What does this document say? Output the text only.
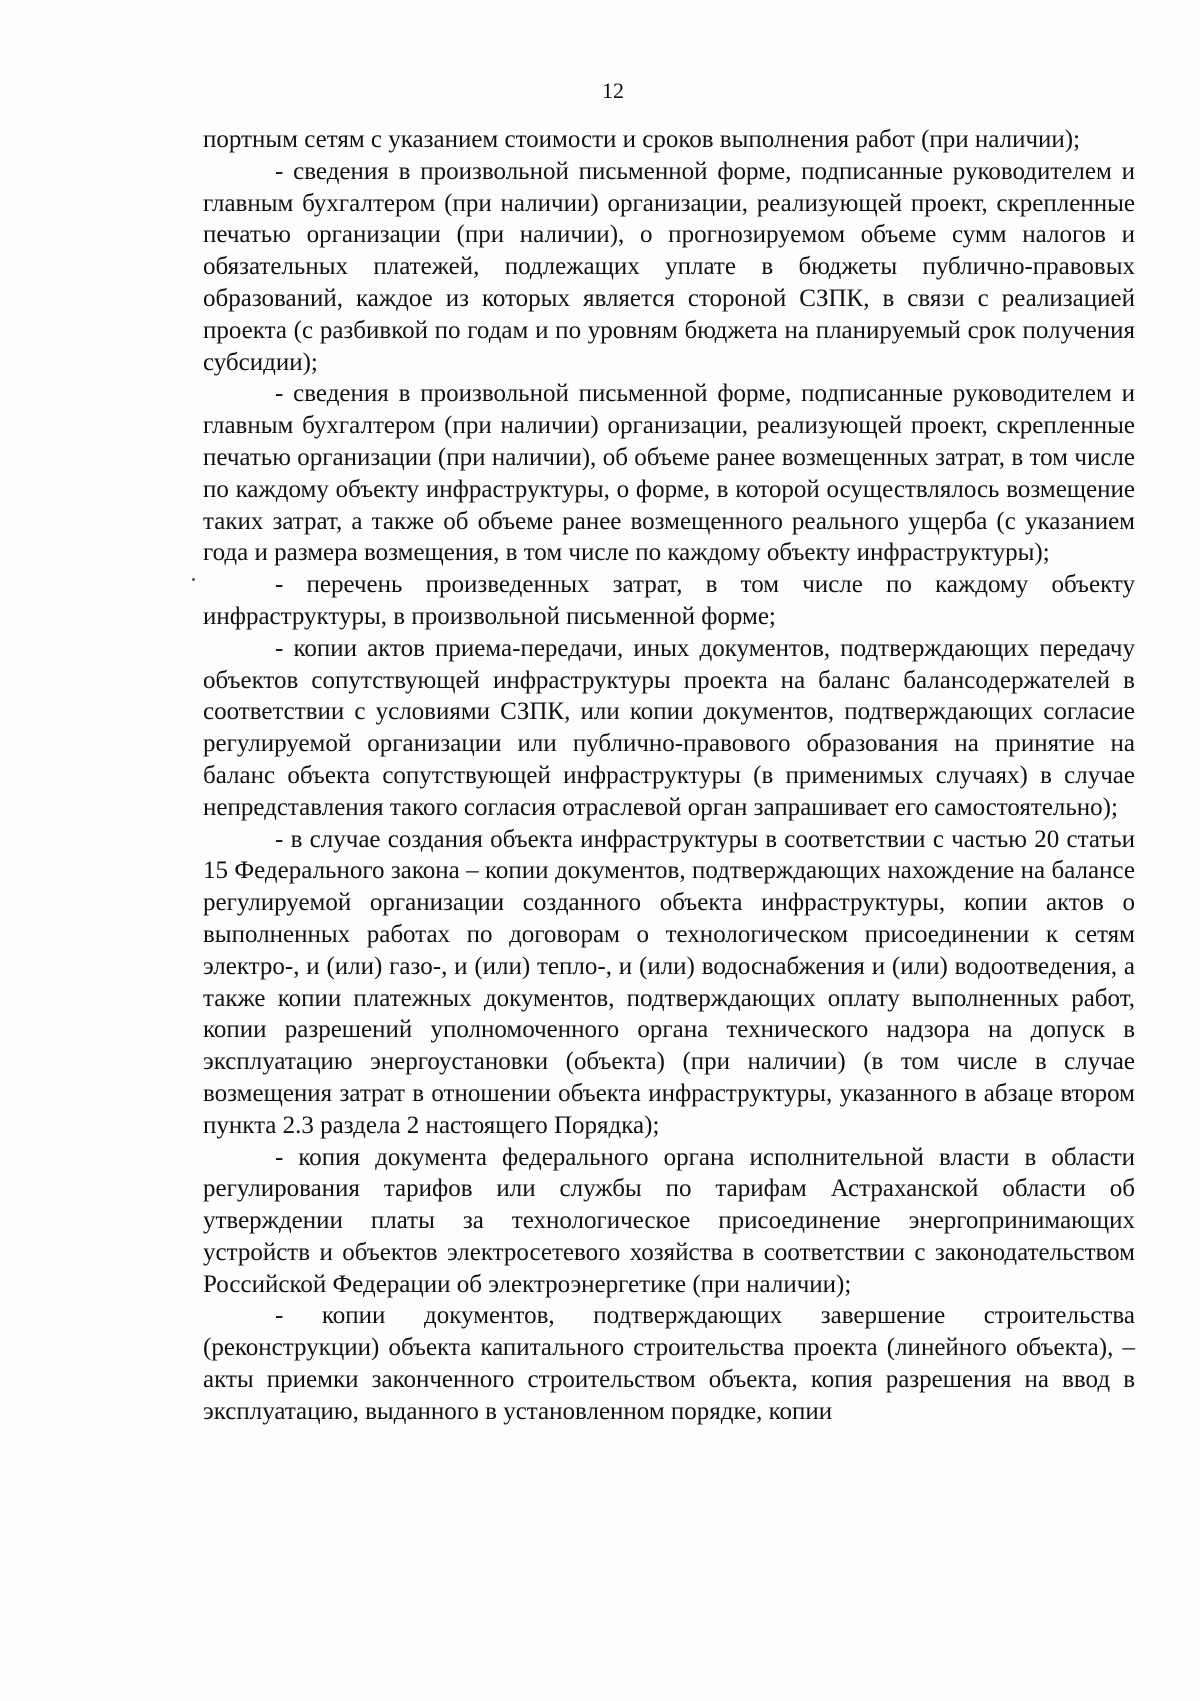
12

портным сетям с указанием стоимости и сроков выполнения работ (при наличии);

- сведения в произвольной письменной форме, подписанные руководителем и главным бухгалтером (при наличии) организации, реализующей проект, скрепленные печатью организации (при наличии), о прогнозируемом объеме сумм налогов и обязательных платежей, подлежащих уплате в бюджеты публично-правовых образований, каждое из которых является стороной СЗПК, в связи с реализацией проекта (с разбивкой по годам и по уровням бюджета на планируемый срок получения субсидии);

- сведения в произвольной письменной форме, подписанные руководителем и главным бухгалтером (при наличии) организации, реализующей проект, скрепленные печатью организации (при наличии), об объеме ранее возмещенных затрат, в том числе по каждому объекту инфраструктуры, о форме, в которой осуществлялось возмещение таких затрат, а также об объеме ранее возмещенного реального ущерба (с указанием года и размера возмещения, в том числе по каждому объекту инфраструктуры);

- перечень произведенных затрат, в том числе по каждому объекту инфраструктуры, в произвольной письменной форме;

- копии актов приема-передачи, иных документов, подтверждающих передачу объектов сопутствующей инфраструктуры проекта на баланс балансодержателей в соответствии с условиями СЗПК, или копии документов, подтверждающих согласие регулируемой организации или публично-правового образования на принятие на баланс объекта сопутствующей инфраструктуры (в применимых случаях) в случае непредставления такого согласия отраслевой орган запрашивает его самостоятельно);

- в случае создания объекта инфраструктуры в соответствии с частью 20 статьи 15 Федерального закона – копии документов, подтверждающих нахождение на балансе регулируемой организации созданного объекта инфраструктуры, копии актов о выполненных работах по договорам о технологическом присоединении к сетям электро-, и (или) газо-, и (или) тепло-, и (или) водоснабжения и (или) водоотведения, а также копии платежных документов, подтверждающих оплату выполненных работ, копии разрешений уполномоченного органа технического надзора на допуск в эксплуатацию энергоустановки (объекта) (при наличии) (в том числе в случае возмещения затрат в отношении объекта инфраструктуры, указанного в абзаце втором пункта 2.3 раздела 2 настоящего Порядка);

- копия документа федерального органа исполнительной власти в области регулирования тарифов или службы по тарифам Астраханской области об утверждении платы за технологическое присоединение энергопринимающих устройств и объектов электросетевого хозяйства в соответствии с законодательством Российской Федерации об электроэнергетике (при наличии);

- копии документов, подтверждающих завершение строительства (реконструкции) объекта капитального строительства проекта (линейного объекта), – акты приемки законченного строительством объекта, копия разрешения на ввод в эксплуатацию, выданного в установленном порядке, копии
